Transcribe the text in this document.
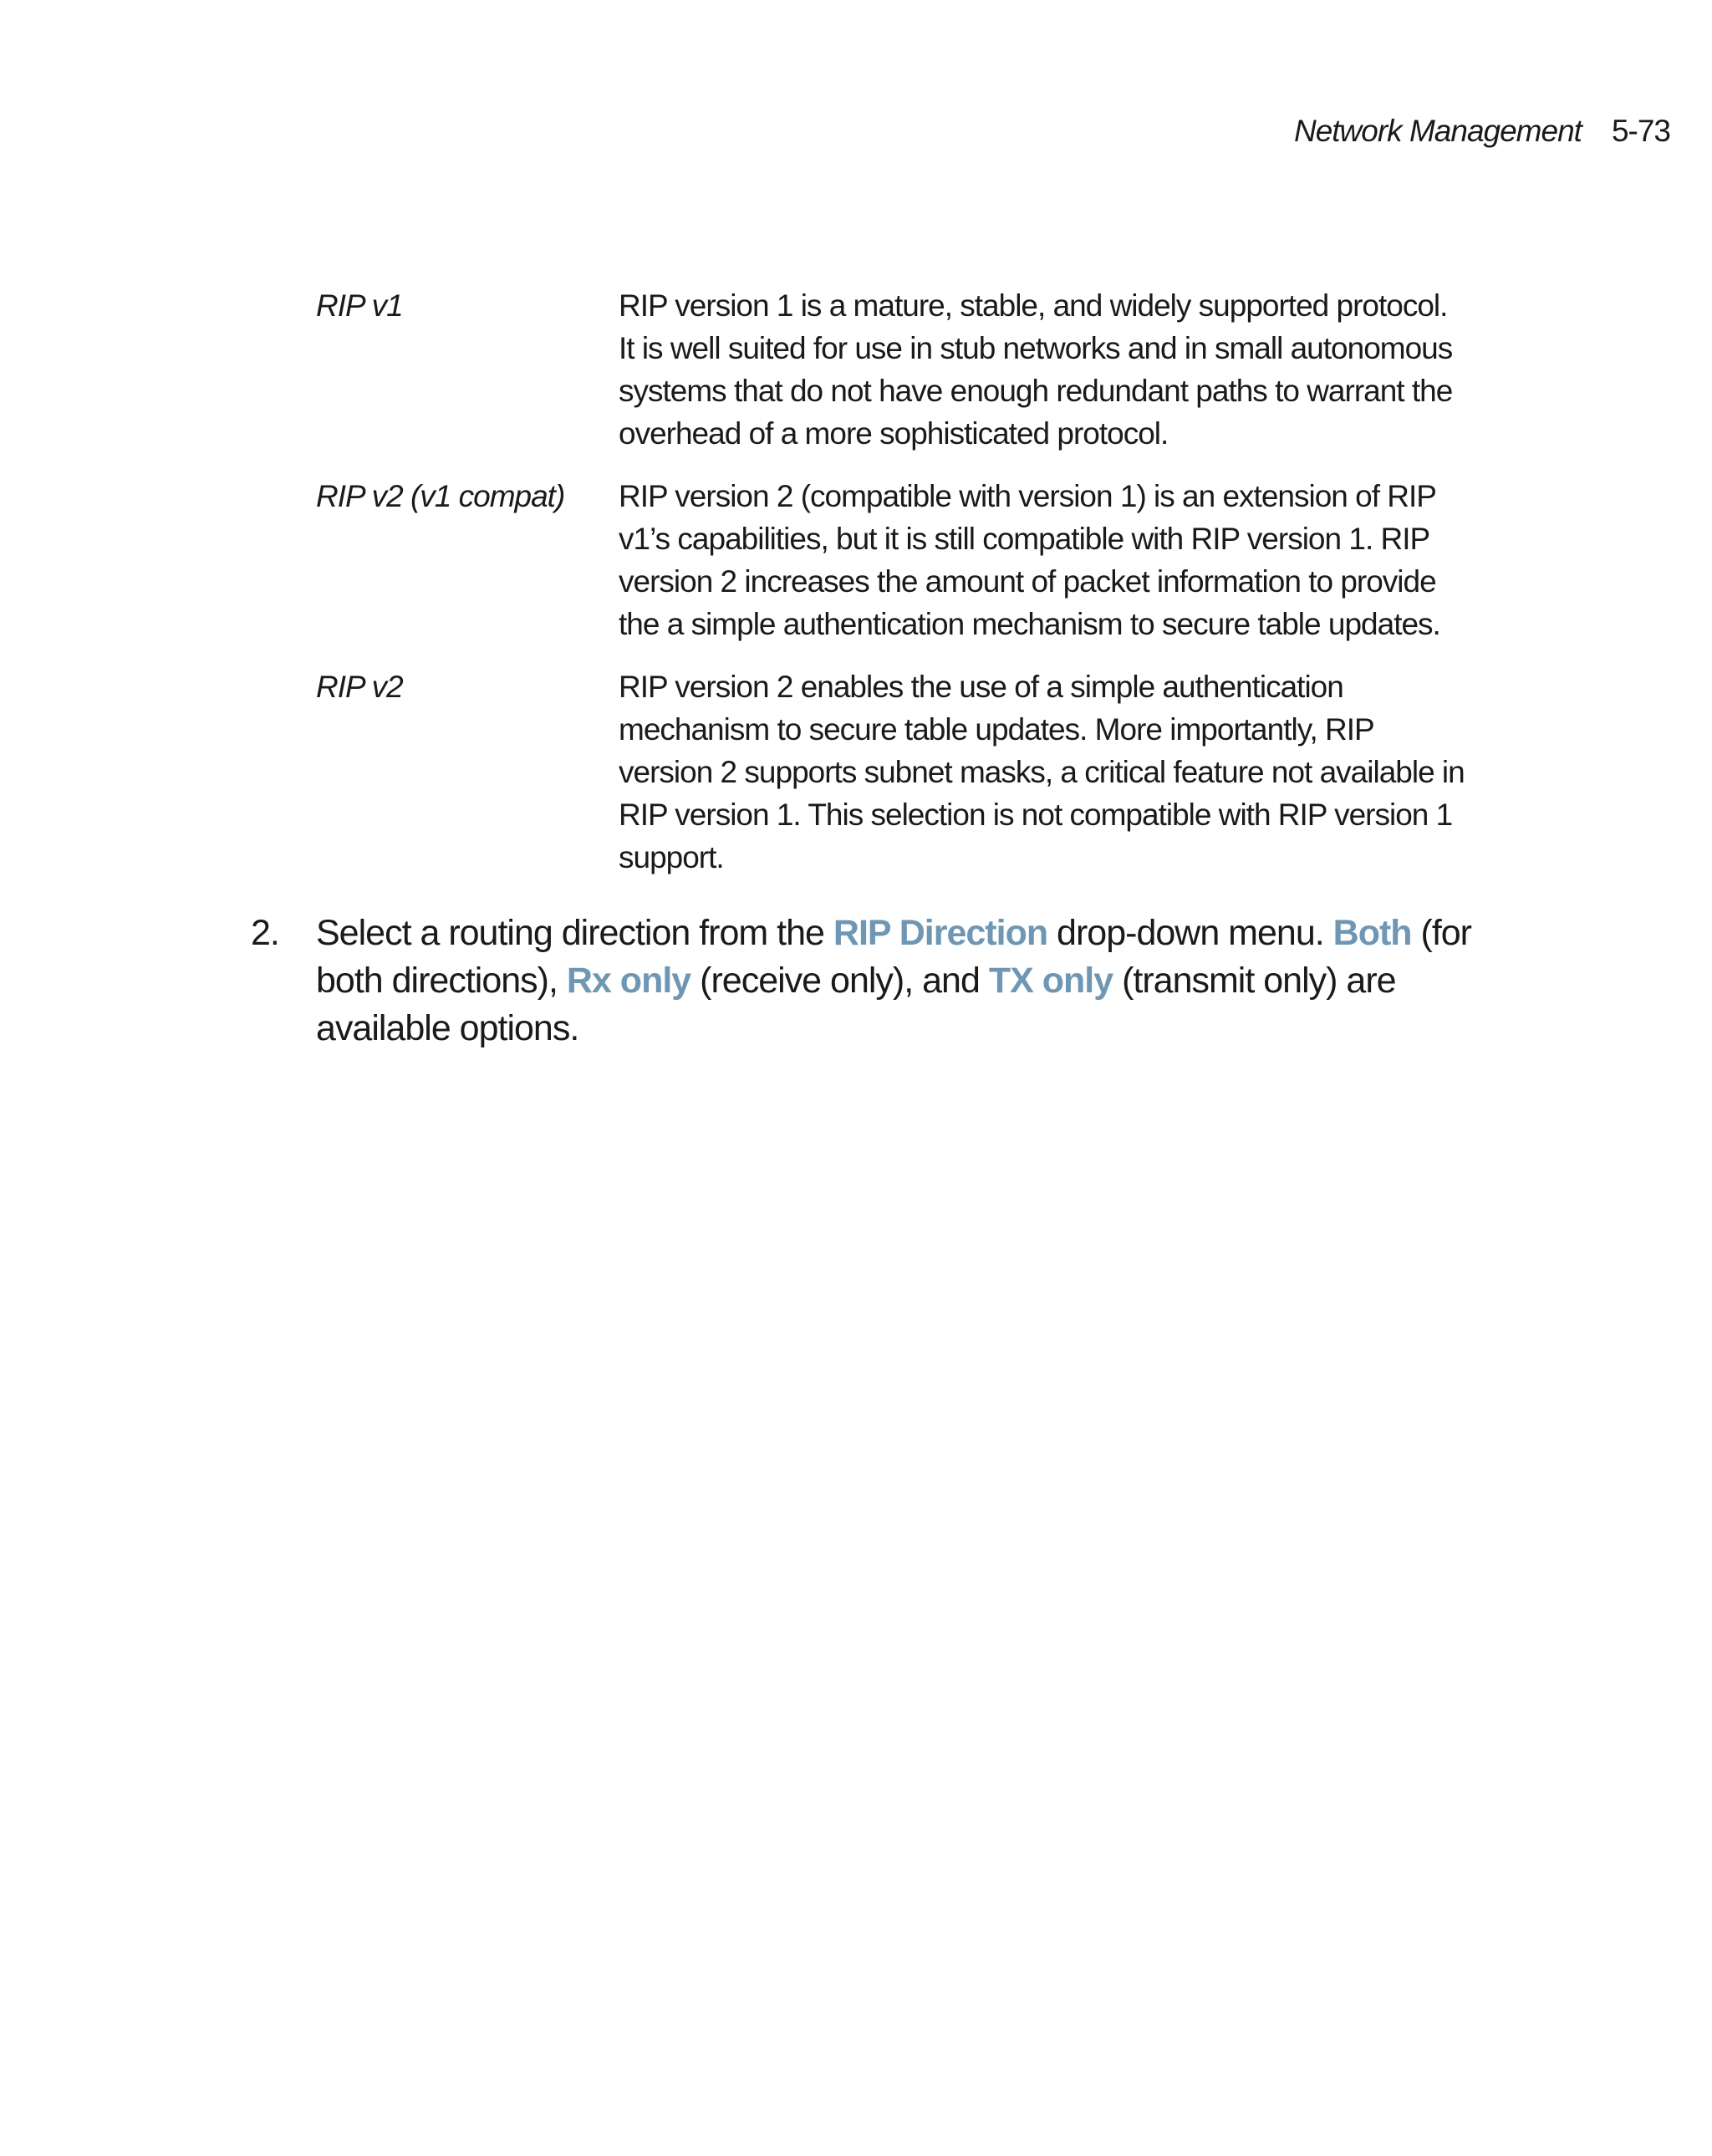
Network Management 5-73
RIP v1	RIP version 1 is a mature, stable, and widely supported protocol. It is well suited for use in stub networks and in small autonomous systems that do not have enough redundant paths to warrant the overhead of a more sophisticated protocol.
RIP v2 (v1 compat)	RIP version 2 (compatible with version 1) is an extension of RIP v1’s capabilities, but it is still compatible with RIP version 1. RIP version 2 increases the amount of packet information to provide the a simple authentication mechanism to secure table updates.
RIP v2	RIP version 2 enables the use of a simple authentication mechanism to secure table updates. More importantly, RIP version 2 supports subnet masks, a critical feature not available in RIP version 1. This selection is not compatible with RIP version 1 support.
2.	Select a routing direction from the RIP Direction drop-down menu. Both (for both directions), Rx only (receive only), and TX only (transmit only) are available options.
